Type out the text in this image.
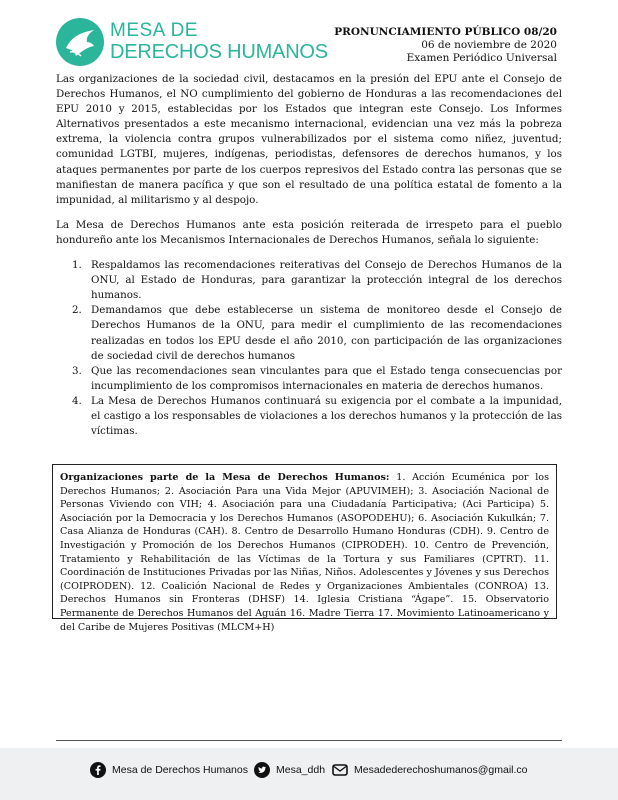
MESA DE
DERECHOS HUMANOS
PRONUNCIAMIENTO PÚBLICO 08/20
06 de noviembre de 2020
Examen Periódico Universal

Las organizaciones de la sociedad civil, destacamos en la presión del EPU ante el Consejo de Derechos Humanos, el NO cumplimiento del gobierno de Honduras a las recomendaciones del EPU 2010 y 2015, establecidas por los Estados que integran este Consejo. Los Informes Alternativos presentados a este mecanismo internacional, evidencian una vez más la pobreza extrema, la violencia contra grupos vulnerabilizados por el sistema como niñez, juventud; comunidad LGTBI, mujeres, indígenas, periodistas, defensores de derechos humanos, y los ataques permanentes por parte de los cuerpos represivos del Estado contra las personas que se manifiestan de manera pacífica y que son el resultado de una política estatal de fomento a la impunidad, al militarismo y al despojo.

La Mesa de Derechos Humanos ante esta posición reiterada de irrespeto para el pueblo hondureño ante los Mecanismos Internacionales de Derechos Humanos, señala lo siguiente:

1. Respaldamos las recomendaciones reiterativas del Consejo de Derechos Humanos de la ONU, al Estado de Honduras, para garantizar la protección integral de los derechos humanos.
2. Demandamos que debe establecerse un sistema de monitoreo desde el Consejo de Derechos Humanos de la ONU, para medir el cumplimiento de las recomendaciones realizadas en todos los EPU desde el año 2010, con participación de las organizaciones de sociedad civil de derechos humanos
3. Que las recomendaciones sean vinculantes para que el Estado tenga consecuencias por incumplimiento de los compromisos internacionales en materia de derechos humanos.
4. La Mesa de Derechos Humanos continuará su exigencia por el combate a la impunidad, el castigo a los responsables de violaciones a los derechos humanos y la protección de las víctimas.
Organizaciones parte de la Mesa de Derechos Humanos: 1. Acción Ecuménica por los Derechos Humanos; 2. Asociación Para una Vida Mejor (APUVIMEH); 3. Asociación Nacional de Personas Viviendo con VIH; 4. Asociación para una Ciudadanía Participativa; (Aci Participa) 5. Asociación por la Democracia y los Derechos Humanos (ASOPODEHU); 6. Asociación Kukulkán; 7. Casa Alianza de Honduras (CAH). 8. Centro de Desarrollo Humano Honduras (CDH). 9. Centro de Investigación y Promoción de los Derechos Humanos (CIPRODEH). 10. Centro de Prevención, Tratamiento y Rehabilitación de las Víctimas de la Tortura y sus Familiares (CPTRT). 11. Coordinación de Instituciones Privadas por las Niñas, Niños. Adolescentes y Jóvenes y sus Derechos (COIPRODEN). 12. Coalición Nacional de Redes y Organizaciones Ambientales (CONROA) 13. Derechos Humanos sin Fronteras (DHSF) 14. Iglesia Cristiana “Ágape”. 15. Observatorio Permanente de Derechos Humanos del Aguán 16. Madre Tierra 17. Movimiento Latinoamericano y del Caribe de Mujeres Positivas (MLCM+H)
Mesa de Derechos Humanos	Mesa_ddh	Mesadederechoshumanos@gmail.co
